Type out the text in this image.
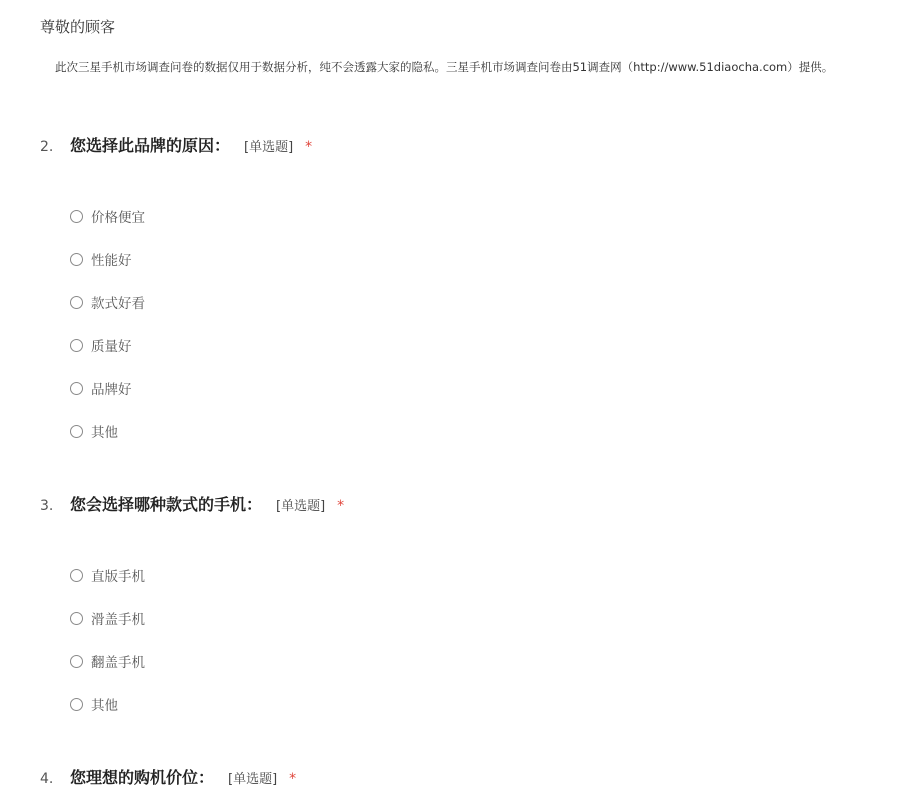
尊敬的顾客
此次三星手机市场调查问卷的数据仅用于数据分析，纯不会透露大家的隐私。三星手机市场调查问卷由51调查网（http://www.51diaocha.com）提供。
2. 您选择此品牌的原因： [单选题] *
价格便宜
性能好
款式好看
质量好
品牌好
其他
3. 您会选择哪种款式的手机： [单选题] *
直版手机
滑盖手机
翻盖手机
其他
4. 您理想的购机价位： [单选题] *
